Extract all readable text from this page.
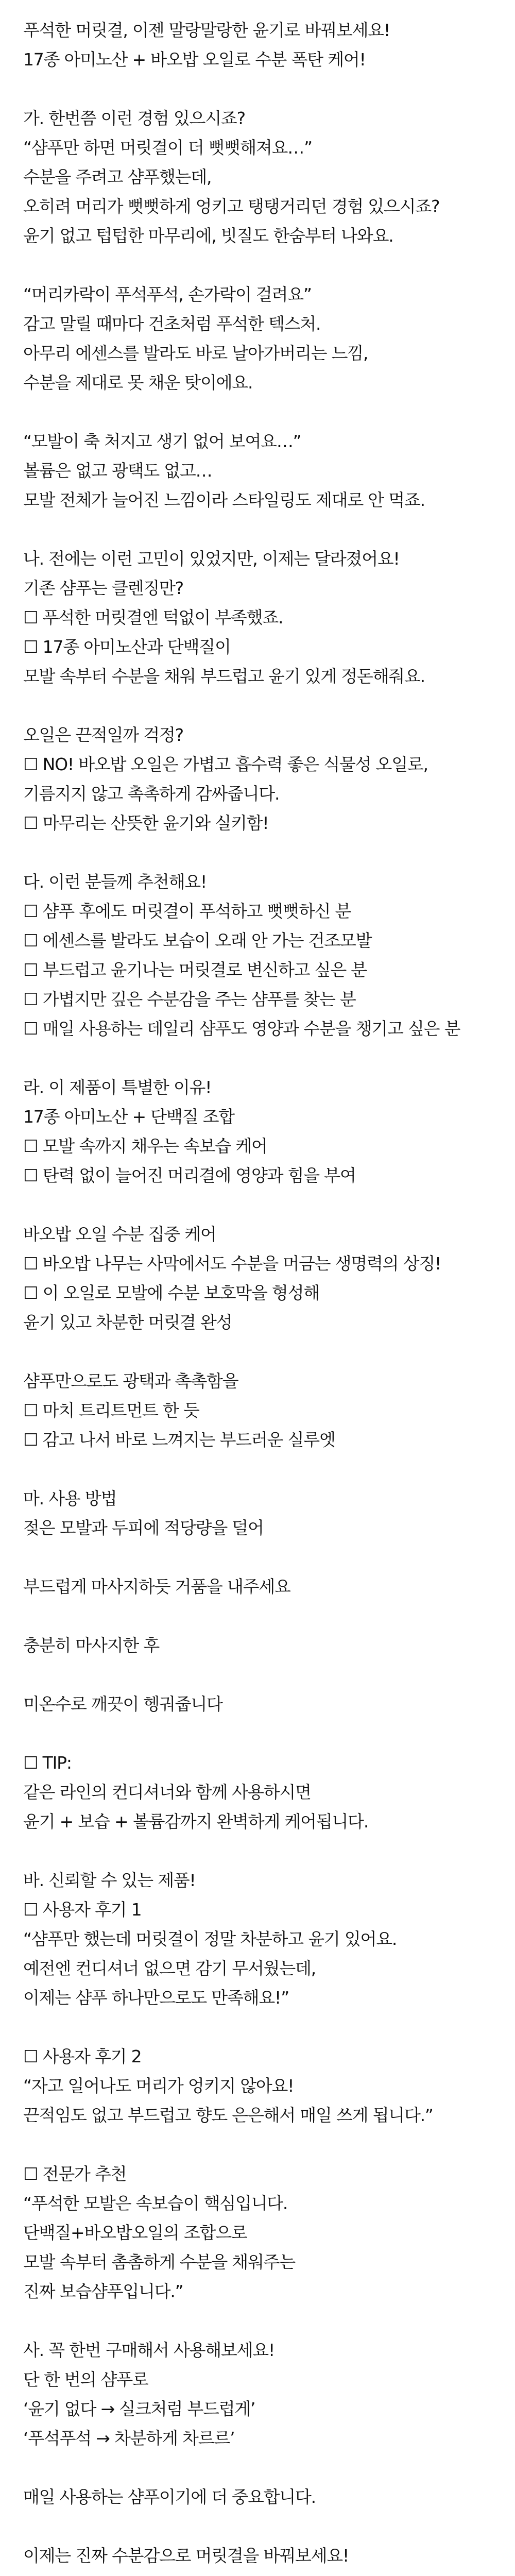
푸석한 머릿결, 이젠 말랑말랑한 윤기로 바꿔보세요!
17종 아미노산 + 바오밥 오일로 수분 폭탄 케어!
가. 한번쯤 이런 경험 있으시죠?
“샴푸만 하면 머릿결이 더 뻣뻣해져요…”
수분을 주려고 샴푸했는데,
오히려 머리가 뻣뻣하게 엉키고 탱탱거리던 경험 있으시죠?
윤기 없고 텁텁한 마무리에, 빗질도 한숨부터 나와요.
“머리카락이 푸석푸석, 손가락이 걸려요”
감고 말릴 때마다 건초처럼 푸석한 텍스처.
아무리 에센스를 발라도 바로 날아가버리는 느낌,
수분을 제대로 못 채운 탓이에요.
“모발이 축 처지고 생기 없어 보여요…”
볼륨은 없고 광택도 없고…
모발 전체가 늘어진 느낌이라 스타일링도 제대로 안 먹죠.
나. 전에는 이런 고민이 있었지만, 이제는 달라졌어요!
기존 샴푸는 클렌징만?
☐ 푸석한 머릿결엔 턱없이 부족했죠.
☐ 17종 아미노산과 단백질이
모발 속부터 수분을 채워 부드럽고 윤기 있게 정돈해줘요.
오일은 끈적일까 걱정?
☐ NO! 바오밥 오일은 가볍고 흡수력 좋은 식물성 오일로,
기름지지 않고 촉촉하게 감싸줍니다.
☐ 마무리는 산뜻한 윤기와 실키함!
다. 이런 분들께 추천해요!
☐ 샴푸 후에도 머릿결이 푸석하고 뻣뻣하신 분
☐ 에센스를 발라도 보습이 오래 안 가는 건조모발
☐ 부드럽고 윤기나는 머릿결로 변신하고 싶은 분
☐ 가볍지만 깊은 수분감을 주는 샴푸를 찾는 분
☐ 매일 사용하는 데일리 샴푸도 영양과 수분을 챙기고 싶은 분
라. 이 제품이 특별한 이유!
17종 아미노산 + 단백질 조합
☐ 모발 속까지 채우는 속보습 케어
☐ 탄력 없이 늘어진 머리결에 영양과 힘을 부여
바오밥 오일 수분 집중 케어
☐ 바오밥 나무는 사막에서도 수분을 머금는 생명력의 상징!
☐ 이 오일로 모발에 수분 보호막을 형성해
윤기 있고 차분한 머릿결 완성
샴푸만으로도 광택과 촉촉함을
☐ 마치 트리트먼트 한 듯
☐ 감고 나서 바로 느껴지는 부드러운 실루엣
마. 사용 방법
젖은 모발과 두피에 적당량을 덜어
부드럽게 마사지하듯 거품을 내주세요
충분히 마사지한 후
미온수로 깨끗이 헹궈줍니다
☐ TIP:
같은 라인의 컨디셔너와 함께 사용하시면
윤기 + 보습 + 볼륨감까지 완벽하게 케어됩니다.
바. 신뢰할 수 있는 제품!
☐ 사용자 후기 1
“샴푸만 했는데 머릿결이 정말 차분하고 윤기 있어요.
예전엔 컨디셔너 없으면 감기 무서웠는데,
이제는 샴푸 하나만으로도 만족해요!”
☐ 사용자 후기 2
“자고 일어나도 머리가 엉키지 않아요!
끈적임도 없고 부드럽고 향도 은은해서 매일 쓰게 됩니다.”
☐ 전문가 추천
“푸석한 모발은 속보습이 핵심입니다.
단백질+바오밥오일의 조합으로
모발 속부터 촘촘하게 수분을 채워주는
진짜 보습샴푸입니다.”
사. 꼭 한번 구매해서 사용해보세요!
단 한 번의 샴푸로
‘윤기 없다 → 실크처럼 부드럽게’
‘푸석푸석 → 차분하게 차르르’
매일 사용하는 샴푸이기에 더 중요합니다.
이제는 진짜 수분감으로 머릿결을 바꿔보세요!
